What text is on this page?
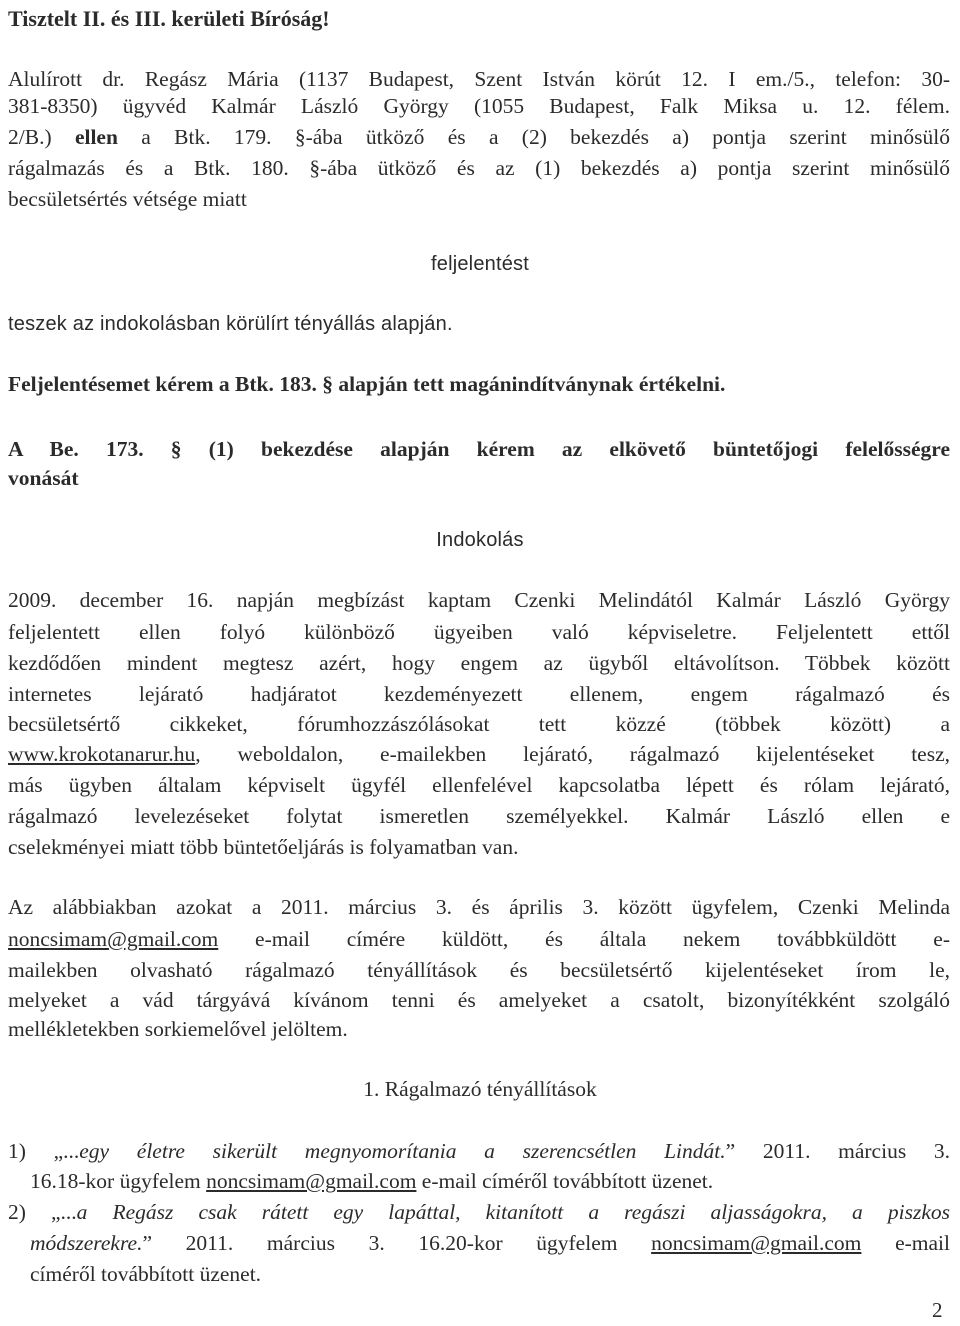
Tisztelt II. és III. kerületi Bíróság!
Alulírott dr. Regász Mária (1137 Budapest, Szent István körút 12. I em./5., telefon: 30-
381-8350) ügyvéd Kalmár László György (1055 Budapest, Falk Miksa u. 12. félem.
2/B.) ellen a Btk. 179. §-ába ütköző és a (2) bekezdés a) pontja szerint minősülő
rágalmazás és a Btk. 180. §-ába ütköző és az (1) bekezdés a) pontja szerint minősülő
becsületsértés vétsége miatt
feljelentést
teszek az indokolásban körülírt tényállás alapján.
Feljelentésemet kérem a Btk. 183. § alapján tett magánindítványnak értékelni.
A Be. 173. § (1) bekezdése alapján kérem az elkövető büntetőjogi felelősségre
vonását
Indokolás
2009. december 16. napján megbízást kaptam Czenki Melindától Kalmár László György
feljelentett ellen folyó különböző ügyeiben való képviseletre. Feljelentett ettől
kezdődően mindent megtesz azért, hogy engem az ügyből eltávolítson. Többek között
internetes lejárató hadjáratot kezdeményezett ellenem, engem rágalmazó és
becsületsértő cikkeket, fórumhozzászólásokat tett közzé (többek között) a
www.krokotanarur.hu, weboldalon, e-mailekben lejárató, rágalmazó kijelentéseket tesz,
más ügyben általam képviselt ügyfél ellenfelével kapcsolatba lépett és rólam lejárató,
rágalmazó levelezéseket folytat ismeretlen személyekkel. Kalmár László ellen e
cselekményei miatt több büntetőeljárás is folyamatban van.
Az alábbiakban azokat a 2011. március 3. és április 3. között ügyfelem, Czenki Melinda
noncsimam@gmail.com e-mail címére küldött, és általa nekem továbbküldött e-
mailekben olvasható rágalmazó tényállítások és becsületsértő kijelentéseket írom le,
melyeket a vád tárgyává kívánom tenni és amelyeket a csatolt, bizonyítékként szolgáló
mellékletekben sorkiemelővel jelöltem.
1. Rágalmazó tényállítások
1) „...egy életre sikerült megnyomorítania a szerencsétlen Lindát.” 2011. március 3.
16.18-kor ügyfelem noncsimam@gmail.com e-mail címéről továbbított üzenet.
2) „...a Regász csak rátett egy lapáttal, kitanított a regászi aljasságokra, a piszkos
módszerekre.” 2011. március 3. 16.20-kor ügyfelem noncsimam@gmail.com e-mail
címéről továbbított üzenet.
2
